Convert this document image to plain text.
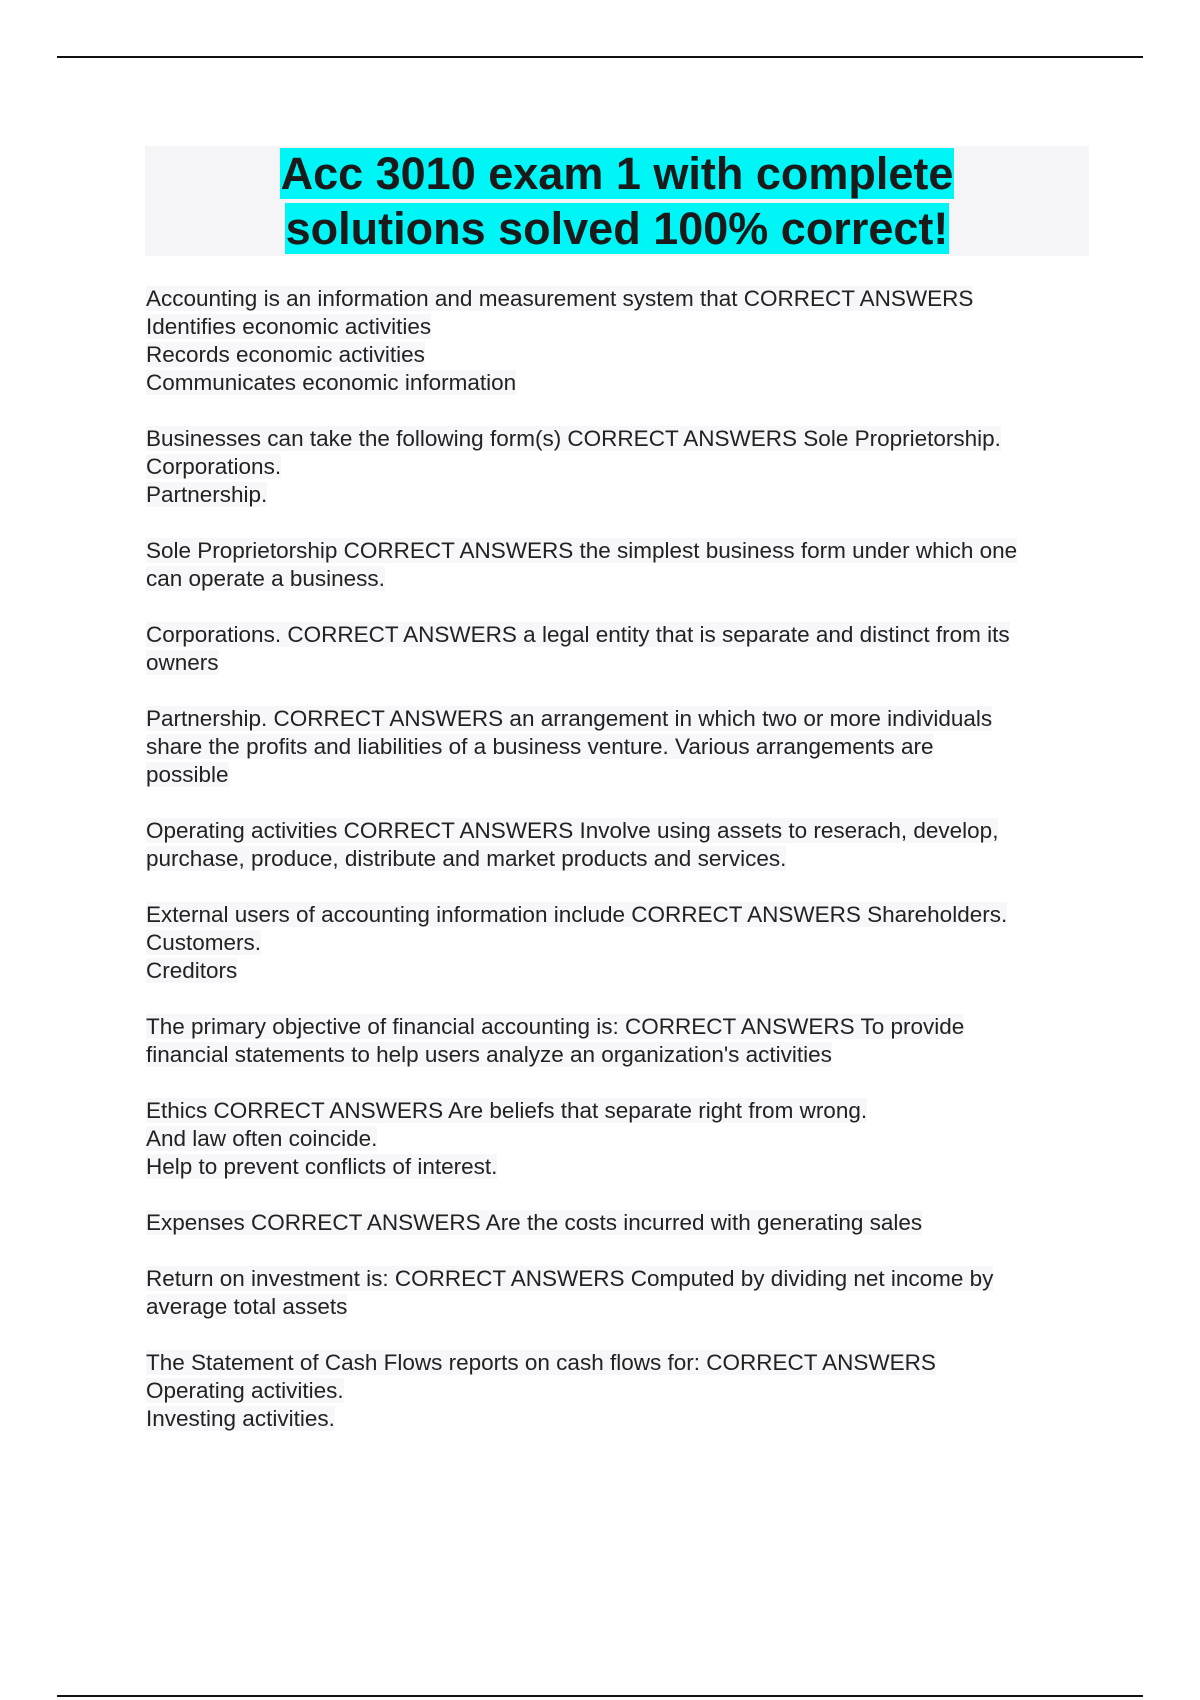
Acc 3010 exam 1 with complete
solutions solved 100% correct!
Accounting is an information and measurement system that CORRECT ANSWERS
Identifies economic activities
Records economic activities
Communicates economic information
Businesses can take the following form(s) CORRECT ANSWERS Sole Proprietorship.
Corporations.
Partnership.
Sole Proprietorship CORRECT ANSWERS the simplest business form under which one
can operate a business.
Corporations. CORRECT ANSWERS a legal entity that is separate and distinct from its
owners
Partnership. CORRECT ANSWERS an arrangement in which two or more individuals
share the profits and liabilities of a business venture. Various arrangements are
possible
Operating activities CORRECT ANSWERS Involve using assets to reserach, develop,
purchase, produce, distribute and market products and services.
External users of accounting information include CORRECT ANSWERS Shareholders.
Customers.
Creditors
The primary objective of financial accounting is: CORRECT ANSWERS To provide
financial statements to help users analyze an organization's activities
Ethics CORRECT ANSWERS Are beliefs that separate right from wrong.
And law often coincide.
Help to prevent conflicts of interest.
Expenses CORRECT ANSWERS Are the costs incurred with generating sales
Return on investment is: CORRECT ANSWERS Computed by dividing net income by
average total assets
The Statement of Cash Flows reports on cash flows for: CORRECT ANSWERS
Operating activities.
Investing activities.
